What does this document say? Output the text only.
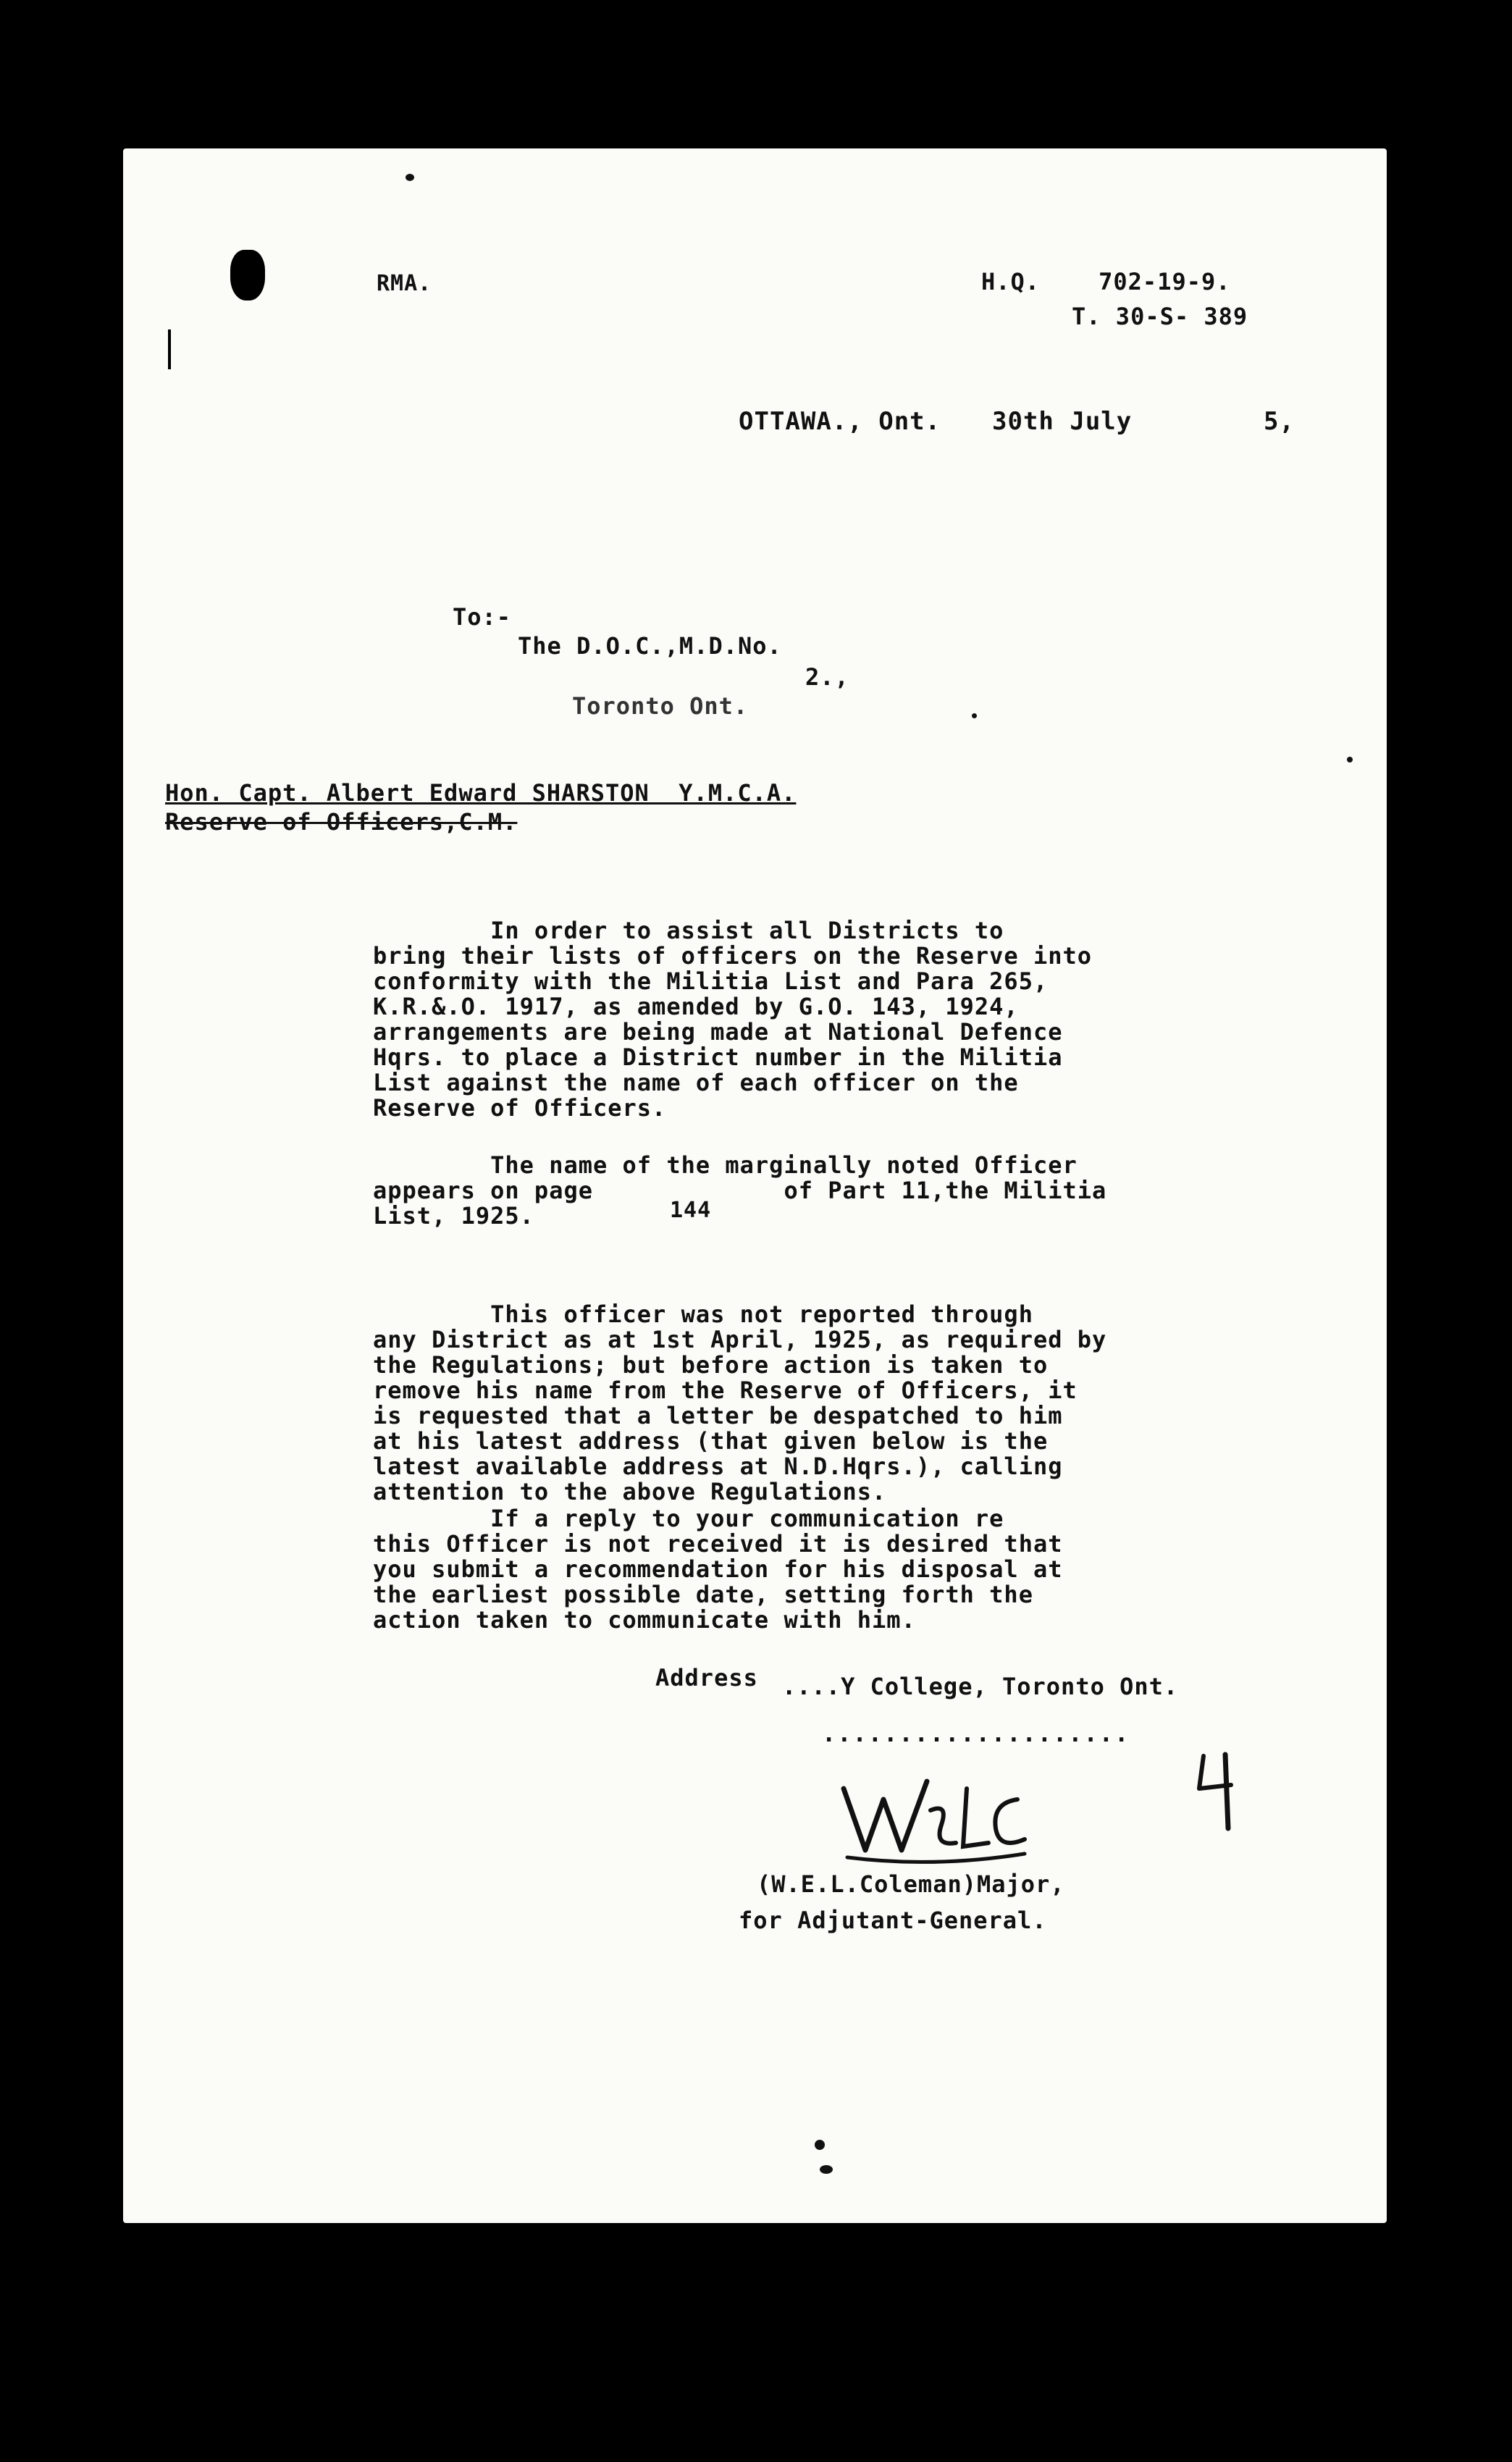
RMA.	H.Q.    702-19-9.
T. 30-S- 389
OTTAWA., Ont. 30th July	5,
To:-
The D.O.C.,M.D.No.
2.,
Toronto Ont.
Hon. Capt. Albert Edward SHARSTON  Y.M.C.A.
Reserve of Officers,C.M.
In order to assist all Districts to
bring their lists of officers on the Reserve into
conformity with the Militia List and Para 265,
K.R.&.O. 1917, as amended by G.O. 143, 1924,
arrangements are being made at National Defence
Hqrs. to place a District number in the Militia
List against the name of each officer on the
Reserve of Officers.
The name of the marginally noted Officer
appears on page             of Part 11,the Militia
List, 1925.	144
This officer was not reported through
any District as at 1st April, 1925, as required by
the Regulations; but before action is taken to
remove his name from the Reserve of Officers, it
is requested that a letter be despatched to him
at his latest address (that given below is the
latest available address at N.D.Hqrs.), calling
attention to the above Regulations.
If a reply to your communication re
this Officer is not received it is desired that
you submit a recommendation for his disposal at
the earliest possible date, setting forth the
action taken to communicate with him.
Address ....Y College, Toronto Ont.
....................
(W.E.L.Coleman)Major,
for Adjutant-General.
